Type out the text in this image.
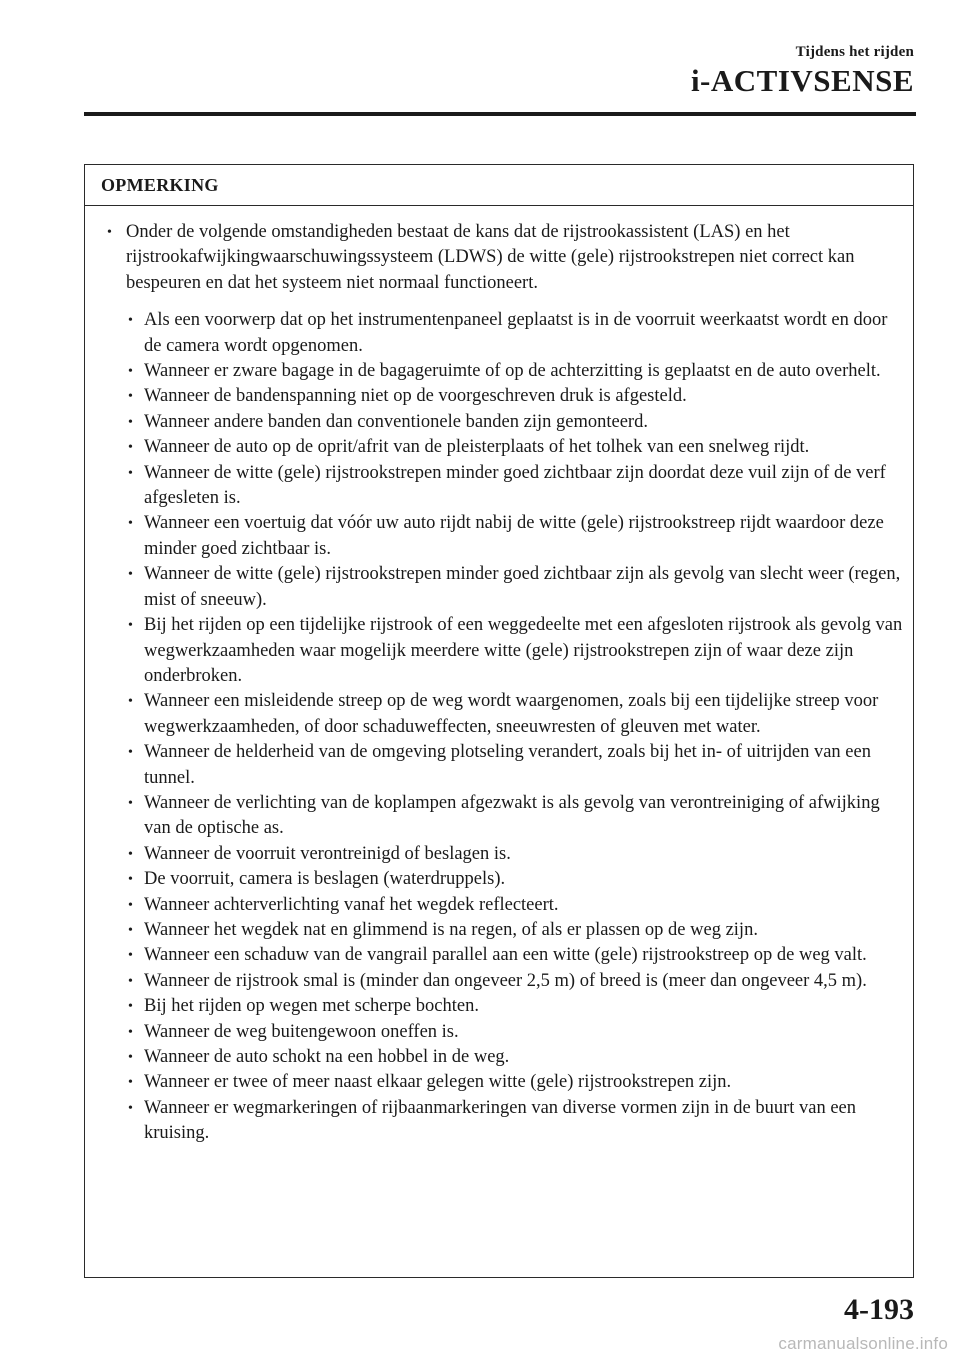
Tijdens het rijden
i-ACTIVSENSE
OPMERKING

• Onder de volgende omstandigheden bestaat de kans dat de rijstrookassistent (LAS) en het rijstrookafwijkingwaarschuwingssysteem (LDWS) de witte (gele) rijstrookstrepen niet correct kan bespeuren en dat het systeem niet normaal functioneert.

• Als een voorwerp dat op het instrumentenpaneel geplaatst is in de voorruit weerkaatst wordt en door de camera wordt opgenomen.
• Wanneer er zware bagage in de bagageruimte of op de achterzitting is geplaatst en de auto overhelt.
• Wanneer de bandenspanning niet op de voorgeschreven druk is afgesteld.
• Wanneer andere banden dan conventionele banden zijn gemonteerd.
• Wanneer de auto op de oprit/afrit van de pleisterplaats of het tolhek van een snelweg rijdt.
• Wanneer de witte (gele) rijstrookstrepen minder goed zichtbaar zijn doordat deze vuil zijn of de verf afgesleten is.
• Wanneer een voertuig dat vóór uw auto rijdt nabij de witte (gele) rijstrookstreep rijdt waardoor deze minder goed zichtbaar is.
• Wanneer de witte (gele) rijstrookstrepen minder goed zichtbaar zijn als gevolg van slecht weer (regen, mist of sneeuw).
• Bij het rijden op een tijdelijke rijstrook of een weggedeelte met een afgesloten rijstrook als gevolg van wegwerkzaamheden waar mogelijk meerdere witte (gele) rijstrookstrepen zijn of waar deze zijn onderbroken.
• Wanneer een misleidende streep op de weg wordt waargenomen, zoals bij een tijdelijke streep voor wegwerkzaamheden, of door schaduweffecten, sneeuwresten of gleuven met water.
• Wanneer de helderheid van de omgeving plotseling verandert, zoals bij het in- of uitrijden van een tunnel.
• Wanneer de verlichting van de koplampen afgezwakt is als gevolg van verontreiniging of afwijking van de optische as.
• Wanneer de voorruit verontreinigd of beslagen is.
• De voorruit, camera is beslagen (waterdruppels).
• Wanneer achterverlichting vanaf het wegdek reflecteert.
• Wanneer het wegdek nat en glimmend is na regen, of als er plassen op de weg zijn.
• Wanneer een schaduw van de vangrail parallel aan een witte (gele) rijstrookstreep op de weg valt.
• Wanneer de rijstrook smal is (minder dan ongeveer 2,5 m) of breed is (meer dan ongeveer 4,5 m).
• Bij het rijden op wegen met scherpe bochten.
• Wanneer de weg buitengewoon oneffen is.
• Wanneer de auto schokt na een hobbel in de weg.
• Wanneer er twee of meer naast elkaar gelegen witte (gele) rijstrookstrepen zijn.
• Wanneer er wegmarkeringen of rijbaanmarkeringen van diverse vormen zijn in de buurt van een kruising.
4-193
carmanualsonline.info
